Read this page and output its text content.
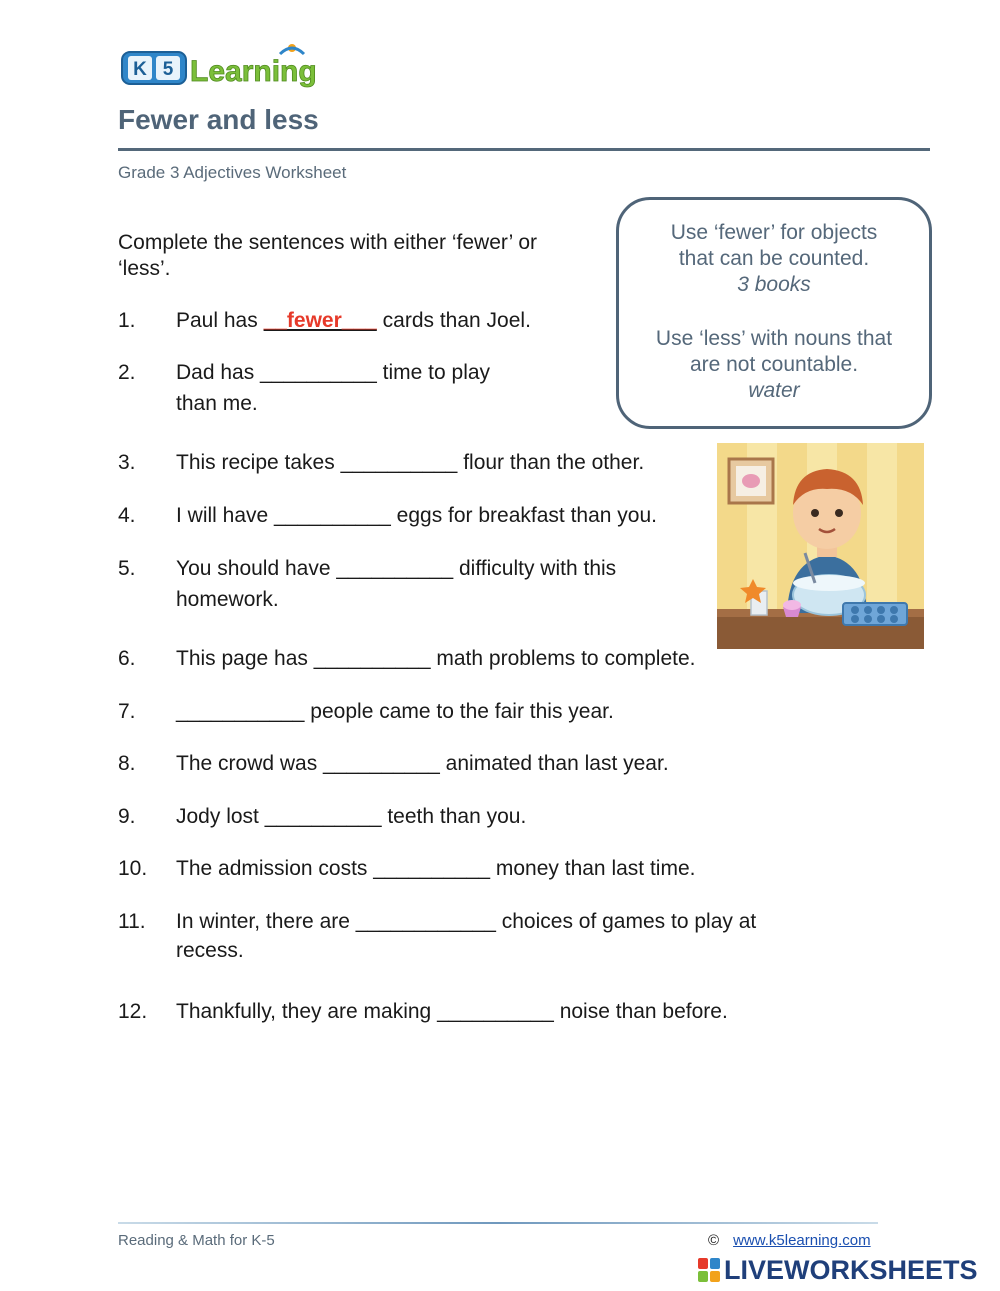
K 5 Learning
Fewer and less
Grade 3 Adjectives Worksheet
Complete the sentences with either ‘fewer’ or ‘less’.
Use ‘fewer’ for objects
that can be counted.
3 books
Use ‘less’ with nouns that
are not countable.
water
1.	Paul has __fewer___ cards than Joel.
2.	Dad has __________ time to play
than me.
3.	This recipe takes __________ flour than the other.
4.	I will have __________ eggs for breakfast than you.
5.	You should have __________ difficulty with this
homework.
6.	This page has __________ math problems to complete.
7.	___________ people came to the fair this year.
8.	The crowd was __________ animated than last year.
9.	Jody lost __________ teeth than you.
10.	The admission costs __________ money than last time.
11.	In winter, there are ____________ choices of games to play at
recess.
12.	Thankfully, they are making __________ noise than before.
Reading & Math for K-5	© www.k5learning.com
LIVEWORKSHEETS
